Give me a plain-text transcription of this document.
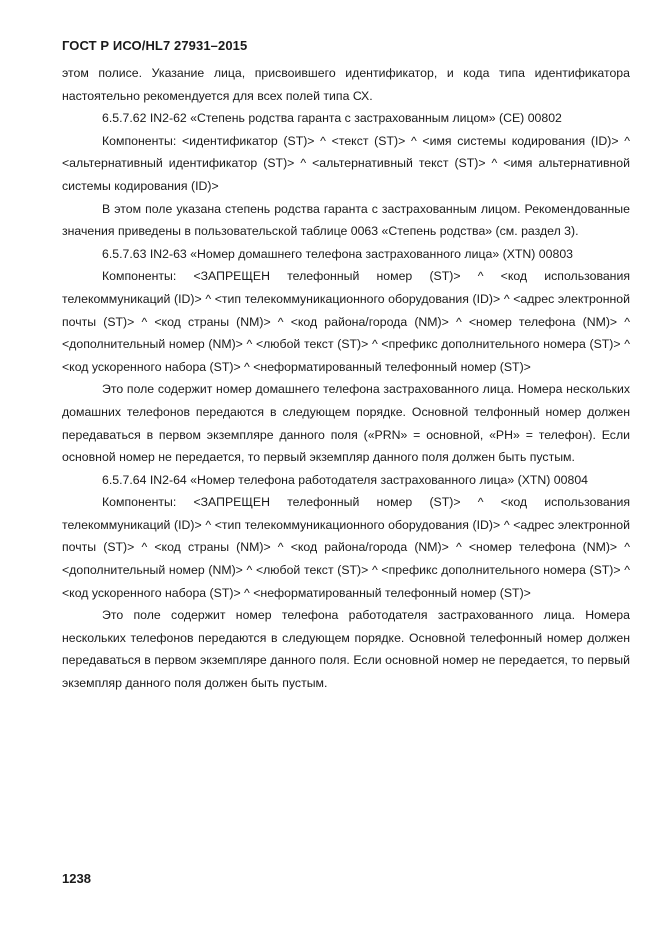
ГОСТ Р ИСО/HL7 27931–2015

этом полисе. Указание лица, присвоившего идентификатор, и кода типа идентификатора настоятельно рекомендуется для всех полей типа СХ.

6.5.7.62 IN2-62 «Степень родства гаранта с застрахованным лицом» (СЕ) 00802

Компоненты: <идентификатор (ST)> ^ <текст (ST)> ^ <имя системы кодирования (ID)> ^ <альтернативный идентификатор (ST)> ^ <альтернативный текст (ST)> ^ <имя альтернативной системы кодирования (ID)>

В этом поле указана степень родства гаранта с застрахованным лицом. Рекомендованные значения приведены в пользовательской таблице 0063 «Степень родства» (см. раздел 3).

6.5.7.63 IN2-63 «Номер домашнего телефона застрахованного лица» (XTN) 00803

Компоненты: <ЗАПРЕЩЕН телефонный номер (ST)> ^ <код использования телекоммуникаций (ID)> ^ <тип телекоммуникационного оборудования (ID)> ^ <адрес электронной почты (ST)> ^ <код страны (NM)> ^ <код района/города (NM)> ^ <номер телефона (NM)> ^ <дополнительный номер (NM)> ^ <любой текст (ST)> ^ <префикс дополнительного номера (ST)> ^ <код ускоренного набора (ST)> ^ <неформатированный телефонный номер (ST)>

Это поле содержит номер домашнего телефона застрахованного лица. Номера нескольких домашних телефонов передаются в следующем порядке. Основной телфонный номер должен передаваться в первом экземпляре данного поля («PRN» = основной, «PH» = телефон). Если основной номер не передается, то первый экземпляр данного поля должен быть пустым.

6.5.7.64 IN2-64 «Номер телефона работодателя застрахованного лица» (XTN) 00804

Компоненты: <ЗАПРЕЩЕН телефонный номер (ST)> ^ <код использования телекоммуникаций (ID)> ^ <тип телекоммуникационного оборудования (ID)> ^ <адрес электронной почты (ST)> ^ <код страны (NM)> ^ <код района/города (NM)> ^ <номер телефона (NM)> ^ <дополнительный номер (NM)> ^ <любой текст (ST)> ^ <префикс дополнительного номера (ST)> ^ <код ускоренного набора (ST)> ^ <неформатированный телефонный номер (ST)>

Это поле содержит номер телефона работодателя застрахованного лица. Номера нескольких телефонов передаются в следующем порядке. Основной телефонный номер должен передаваться в первом экземпляре данного поля. Если основной номер не передается, то первый экземпляр данного поля должен быть пустым.

1238
